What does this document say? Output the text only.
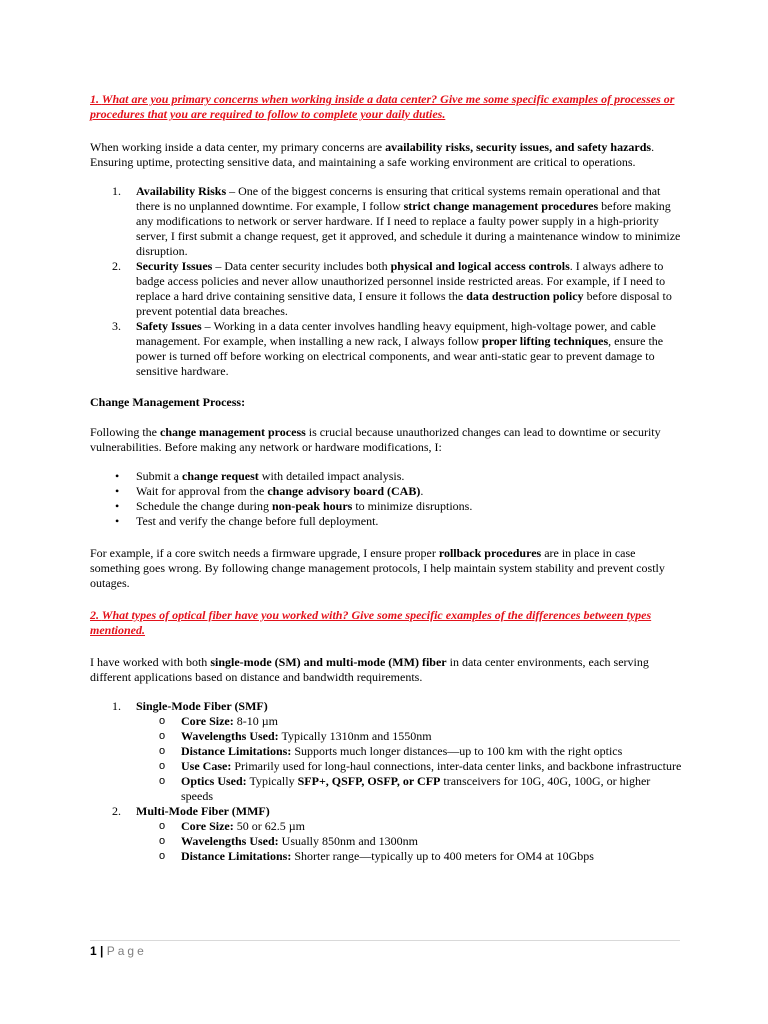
1. What are you primary concerns when working inside a data center? Give me some specific examples of processes or procedures that you are required to follow to complete your daily duties.

When working inside a data center, my primary concerns are availability risks, security issues, and safety hazards. Ensuring uptime, protecting sensitive data, and maintaining a safe working environment are critical to operations.

1. Availability Risks – One of the biggest concerns is ensuring that critical systems remain operational and that there is no unplanned downtime. For example, I follow strict change management procedures before making any modifications to network or server hardware. If I need to replace a faulty power supply in a high-priority server, I first submit a change request, get it approved, and schedule it during a maintenance window to minimize disruption.
2. Security Issues – Data center security includes both physical and logical access controls. I always adhere to badge access policies and never allow unauthorized personnel inside restricted areas. For example, if I need to replace a hard drive containing sensitive data, I ensure it follows the data destruction policy before disposal to prevent potential data breaches.
3. Safety Issues – Working in a data center involves handling heavy equipment, high-voltage power, and cable management. For example, when installing a new rack, I always follow proper lifting techniques, ensure the power is turned off before working on electrical components, and wear anti-static gear to prevent damage to sensitive hardware.

Change Management Process:

Following the change management process is crucial because unauthorized changes can lead to downtime or security vulnerabilities. Before making any network or hardware modifications, I:

• Submit a change request with detailed impact analysis.
• Wait for approval from the change advisory board (CAB).
• Schedule the change during non-peak hours to minimize disruptions.
• Test and verify the change before full deployment.

For example, if a core switch needs a firmware upgrade, I ensure proper rollback procedures are in place in case something goes wrong. By following change management protocols, I help maintain system stability and prevent costly outages.

2. What types of optical fiber have you worked with? Give some specific examples of the differences between types mentioned.

I have worked with both single-mode (SM) and multi-mode (MM) fiber in data center environments, each serving different applications based on distance and bandwidth requirements.

1. Single-Mode Fiber (SMF)
o Core Size: 8-10 µm
o Wavelengths Used: Typically 1310nm and 1550nm
o Distance Limitations: Supports much longer distances—up to 100 km with the right optics
o Use Case: Primarily used for long-haul connections, inter-data center links, and backbone infrastructure
o Optics Used: Typically SFP+, QSFP, OSFP, or CFP transceivers for 10G, 40G, 100G, or higher speeds
2. Multi-Mode Fiber (MMF)
o Core Size: 50 or 62.5 µm
o Wavelengths Used: Usually 850nm and 1300nm
o Distance Limitations: Shorter range—typically up to 400 meters for OM4 at 10Gbps
1 | Page
